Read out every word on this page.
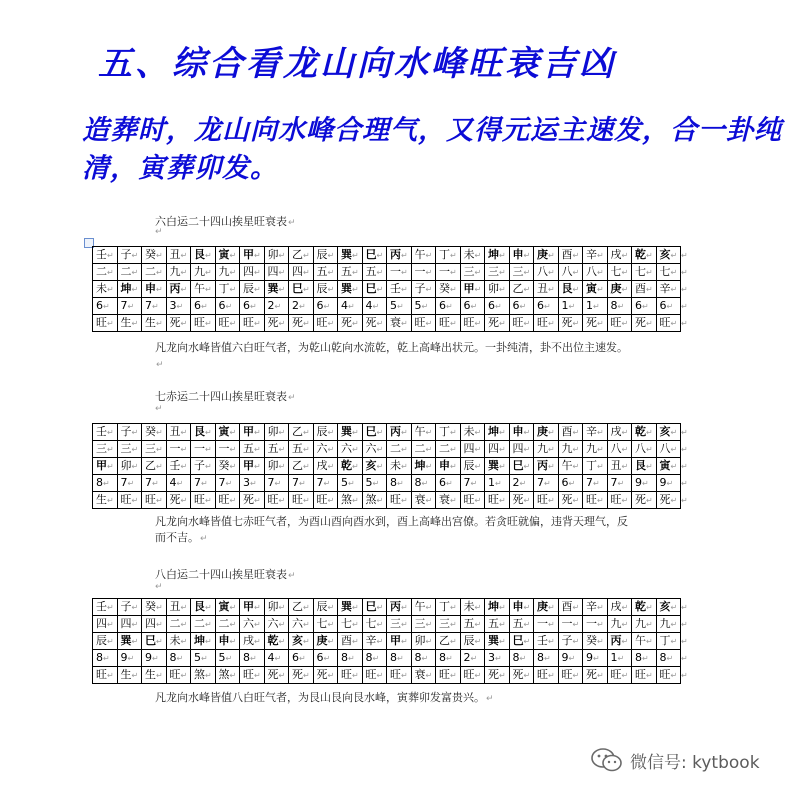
五、综合看龙山向水峰旺衰吉凶
造葬时，龙山向水峰合理气，又得元运主速发，合一卦纯清，寅葬卯发。
六白运二十四山挨星旺衰表↵
↵
壬↵	子↵	癸↵	丑↵	艮↵	寅↵	甲↵	卯↵	乙↵	辰↵	巽↵	巳↵	丙↵	午↵	丁↵	未↵	坤↵	申↵	庚↵	酉↵	辛↵	戌↵	乾↵	亥↵	↵
二↵	二↵	二↵	九↵	九↵	九↵	四↵	四↵	四↵	五↵	五↵	五↵	一↵	一↵	一↵	三↵	三↵	三↵	八↵	八↵	八↵	七↵	七↵	七↵	↵
未↵	坤↵	申↵	丙↵	午↵	丁↵	辰↵	巽↵	巳↵	辰↵	巽↵	巳↵	壬↵	子↵	癸↵	甲↵	卯↵	乙↵	丑↵	艮↵	寅↵	庚↵	酉↵	辛↵	↵
6↵	7↵	7↵	3↵	6↵	6↵	6↵	2↵	2↵	6↵	4↵	4↵	5↵	5↵	6↵	6↵	6↵	6↵	6↵	1↵	1↵	8↵	6↵	6↵	↵
旺↵	生↵	生↵	死↵	旺↵	旺↵	旺↵	死↵	死↵	旺↵	死↵	死↵	衰↵	旺↵	旺↵	旺↵	死↵	旺↵	旺↵	死↵	死↵	旺↵	死↵	旺↵	↵
凡龙向水峰皆值六白旺气者，为乾山乾向水流乾，乾上高峰出状元。一卦纯清，卦不出位主速发。↵
七赤运二十四山挨星旺衰表↵
↵
壬↵	子↵	癸↵	丑↵	艮↵	寅↵	甲↵	卯↵	乙↵	辰↵	巽↵	巳↵	丙↵	午↵	丁↵	未↵	坤↵	申↵	庚↵	酉↵	辛↵	戌↵	乾↵	亥↵	↵
三↵	三↵	三↵	一↵	一↵	一↵	五↵	五↵	五↵	六↵	六↵	六↵	二↵	二↵	二↵	四↵	四↵	四↵	九↵	九↵	九↵	八↵	八↵	八↵	↵
甲↵	卯↵	乙↵	壬↵	子↵	癸↵	甲↵	卯↵	乙↵	戌↵	乾↵	亥↵	未↵	坤↵	申↵	辰↵	巽↵	巳↵	丙↵	午↵	丁↵	丑↵	艮↵	寅↵	↵
8↵	7↵	7↵	4↵	7↵	7↵	3↵	7↵	7↵	7↵	5↵	5↵	8↵	8↵	6↵	7↵	1↵	2↵	7↵	6↵	7↵	7↵	9↵	9↵	↵
生↵	旺↵	旺↵	死↵	旺↵	旺↵	死↵	旺↵	旺↵	旺↵	煞↵	煞↵	旺↵	衰↵	衰↵	旺↵	旺↵	死↵	旺↵	死↵	旺↵	旺↵	死↵	死↵	↵
凡龙向水峰皆值七赤旺气者，为酉山酉向酉水到，酉上高峰出宫僚。若贪旺就偏，违背天理气，反而不吉。↵
八白运二十四山挨星旺衰表↵
↵
壬↵	子↵	癸↵	丑↵	艮↵	寅↵	甲↵	卯↵	乙↵	辰↵	巽↵	巳↵	丙↵	午↵	丁↵	未↵	坤↵	申↵	庚↵	酉↵	辛↵	戌↵	乾↵	亥↵	↵
四↵	四↵	四↵	二↵	二↵	二↵	六↵	六↵	六↵	七↵	七↵	七↵	三↵	三↵	三↵	五↵	五↵	五↵	一↵	一↵	一↵	九↵	九↵	九↵	↵
辰↵	巽↵	巳↵	未↵	坤↵	申↵	戌↵	乾↵	亥↵	庚↵	酉↵	辛↵	甲↵	卯↵	乙↵	辰↵	巽↵	巳↵	壬↵	子↵	癸↵	丙↵	午↵	丁↵	↵
8↵	9↵	9↵	8↵	5↵	5↵	8↵	4↵	6↵	6↵	8↵	8↵	8↵	8↵	8↵	2↵	3↵	8↵	8↵	9↵	9↵	1↵	8↵	8↵	↵
旺↵	生↵	生↵	旺↵	煞↵	煞↵	旺↵	死↵	死↵	死↵	旺↵	旺↵	旺↵	衰↵	旺↵	旺↵	死↵	死↵	旺↵	旺↵	死↵	旺↵	旺↵	旺↵	↵
凡龙向水峰皆值八白旺气者，为艮山艮向艮水峰，寅葬卯发富贵兴。↵
微信号: kytbook
